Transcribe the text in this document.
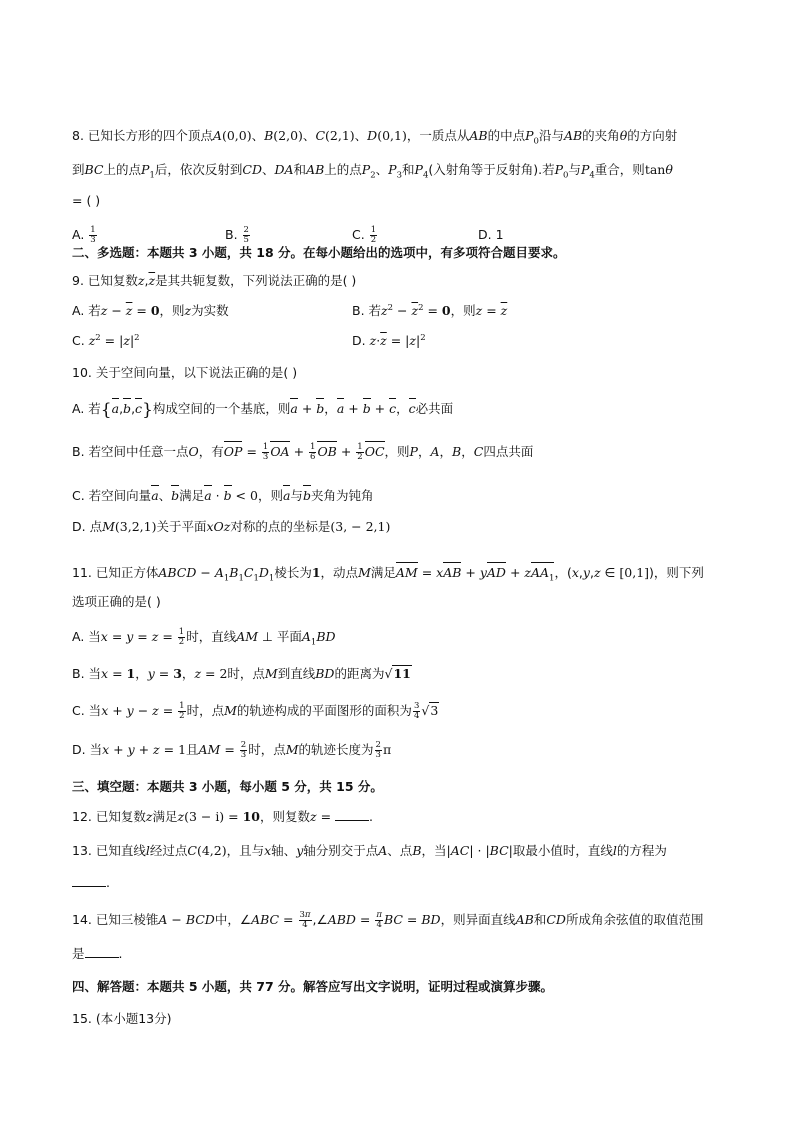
8. 已知长方形的四个顶点A(0,0)、B(2,0)、C(2,1)、D(0,1)，一质点从AB的中点$P_0$沿与AB的夹角θ的方向射
到BC上的点$P_1$后，依次反射到CD、DA和AB上的点$P_2$、$P_3$和$P_4$(入射角等于反射角).若$P_0$与$P_4$重合，则tanθ
= ( )
A. $\frac{1}{3}$	B. $\frac{2}{5}$	C. $\frac{1}{2}$	D. 1
二、多选题：本题共 3 小题，共 18 分。在每小题给出的选项中，有多项符合题目要求。
9. 已知复数$z,\overline{z}$是其共轭复数，下列说法正确的是( )
A. 若$z - \overline{z} = 0$，则z为实数	B. 若$z^2 - \overline{z}^2 = 0$，则$z = \overline{z}$
C. $z^2 = |z|^2$	D. $z\cdot\overline{z} = |z|^2$
10. 关于空间向量，以下说法正确的是( )
A. 若{a,b,c}构成空间的一个基底，则a + b，a + b + c，c必共面
B. 若空间中任意一点O，有OP = $\frac{1}{3}$ OA + $\frac{1}{6}$ OB + $\frac{1}{2}$ OC，则P，A，B，C四点共面
C. 若空间向量a、b满足a · b < 0，则a与b夹角为钝角
D. 点M(3,2,1)关于平面xOz对称的点的坐标是(3, − 2,1)
11. 已知正方体ABCD − $A_1B_1C_1D_1$棱长为1，动点M满足AM = xAB + yAD + zAA$_1$，(x,y,z ∈ [0,1])，则下列
选项正确的是( )
A. 当$x = y = z = \frac{1}{2}$ 时，直线AM ⊥ 平面$A_1BD$
B. 当x = 1，y = 3，z = 2时，点M到直线BD的距离为√11
C. 当$x + y - z = \frac{1}{2}$ 时，点M的轨迹构成的平面图形的面积为 $\frac{3}{4} √3$
D. 当x + y + z = 1且AM = $\frac{2}{3}$ 时，点M的轨迹长度为 $\frac{2}{3}$ π
三、填空题：本题共 3 小题，每小题 5 分，共 15 分。
12. 已知复数z满足z(3 − i) = 10，则复数z =	.
13. 已知直线l经过点C(4,2)，且与x轴、y轴分别交于点A、点B，当|AC| · |BC|取最小值时，直线l的方程为
.
14. 已知三棱锥A − BCD中，∠ABC = $\frac{3\pi}{4}$ ,∠ABD = $\frac{\pi}{4}$ BC = BD，则异面直线AB和CD所成角余弦值的取值范围
是	.
四、解答题：本题共 5 小题，共 77 分。解答应写出文字说明，证明过程或演算步骤。
15. (本小题13分)
